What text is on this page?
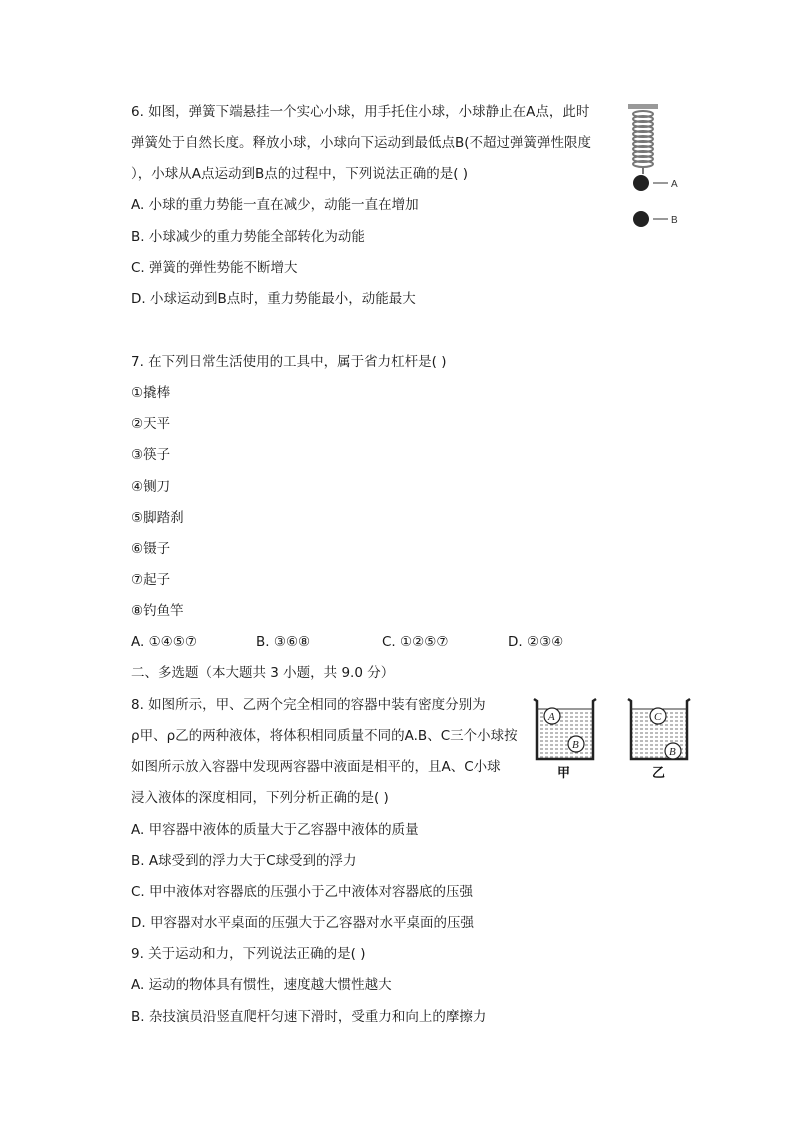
6. 如图，弹簧下端悬挂一个实心小球，用手托住小球，小球静止在A点，此时
弹簧处于自然长度。释放小球，小球向下运动到最低点B(不超过弹簧弹性限度
），小球从A点运动到B点的过程中，下列说法正确的是( )
A. 小球的重力势能一直在减少，动能一直在增加
B. 小球减少的重力势能全部转化为动能
C. 弹簧的弹性势能不断增大
D. 小球运动到B点时，重力势能最小，动能最大
A
B
7. 在下列日常生活使用的工具中，属于省力杠杆是( )
①撬棒
②天平
③筷子
④铡刀
⑤脚踏刹
⑥镊子
⑦起子
⑧钓鱼竿
A. ①④⑤⑦	B. ③⑥⑧	C. ①②⑤⑦	D. ②③④
二、多选题（本大题共 3 小题，共 9.0 分）
8. 如图所示，甲、乙两个完全相同的容器中装有密度分别为
ρ甲、ρ乙的两种液体，将体积相同质量不同的A.B、C三个小球按
如图所示放入容器中发现两容器中液面是相平的，且A、C小球
浸入液体的深度相同，下列分析正确的是( )
A. 甲容器中液体的质量大于乙容器中液体的质量
B. A球受到的浮力大于C球受到的浮力
C. 甲中液体对容器底的压强小于乙中液体对容器底的压强
D. 甲容器对水平桌面的压强大于乙容器对水平桌面的压强
A
B
甲
C
B
乙
9. 关于运动和力，下列说法正确的是( )
A. 运动的物体具有惯性，速度越大惯性越大
B. 杂技演员沿竖直爬杆匀速下滑时，受重力和向上的摩擦力
